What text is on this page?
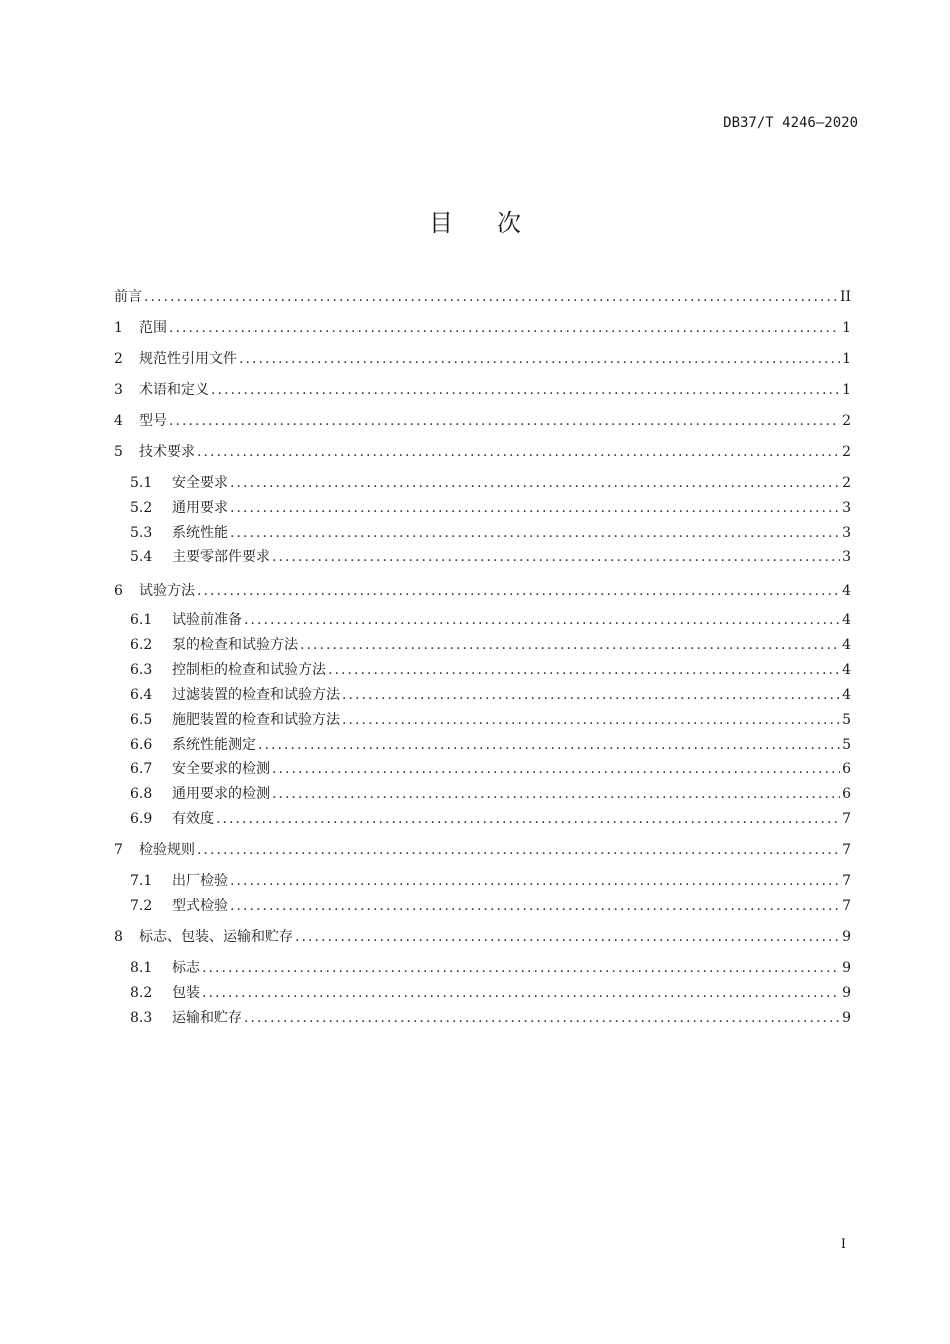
DB37/T 4246—2020
目次
前言 . . .	II
1	范围 . . .	1
2	规范性引用文件 . . .	1
3	术语和定义 . . .	1
4	型号 . . .	2
5	技术要求 . . .	2
5.1	安全要求 . . .	2
5.2	通用要求 . . .	3
5.3	系统性能 . . .	3
5.4	主要零部件要求 . . .	3
6	试验方法 . . .	4
6.1	试验前准备 . . .	4
6.2	泵的检查和试验方法 . . .	4
6.3	控制柜的检查和试验方法 . . .	4
6.4	过滤装置的检查和试验方法 . . .	4
6.5	施肥装置的检查和试验方法 . . .	5
6.6	系统性能测定 . . .	5
6.7	安全要求的检测 . . .	6
6.8	通用要求的检测 . . .	6
6.9	有效度 . . .	7
7	检验规则 . . .	7
7.1	出厂检验 . . .	7
7.2	型式检验 . . .	7
8	标志、包装、运输和贮存 . . .	9
8.1	标志 . . .	9
8.2	包装 . . .	9
8.3	运输和贮存 . . .	9
I
